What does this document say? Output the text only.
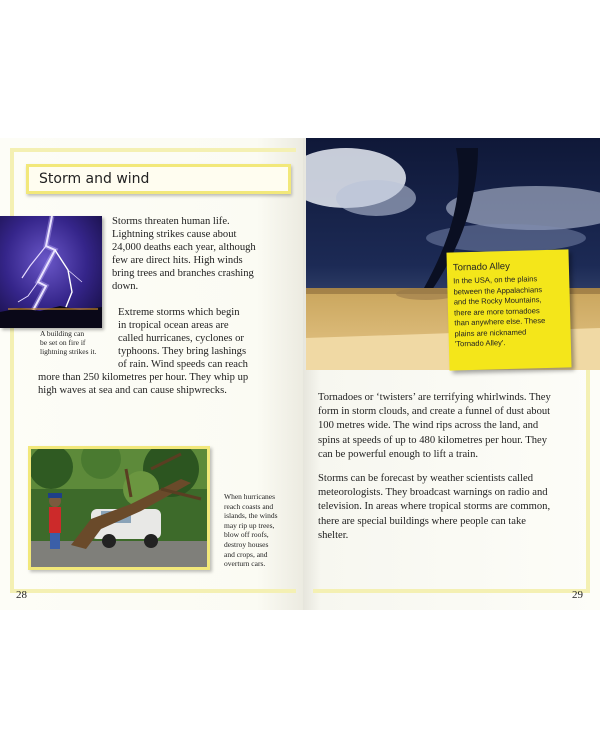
Storm and wind
A building can
be set on fire if
lightning strikes it.
Storms threaten human life.
Lightning strikes cause about
24,000 deaths each year, although
few are direct hits. High winds
bring trees and branches crashing
down.
Extreme storms which begin
in tropical ocean areas are
called hurricanes, cyclones or
typhoons. They bring lashings
of rain. Wind speeds can reach
more than 250 kilometres per hour. They whip up
high waves at sea and can cause shipwrecks.
When hurricanes
reach coasts and
islands, the winds
may rip up trees,
blow off roofs,
destroy houses
and crops, and
overturn cars.
28
Tornado Alley
In the USA, on the plains
between the Appalachians
and the Rocky Mountains,
there are more tornadoes
than anywhere else. These
plains are nicknamed
'Tornado Alley'.
Tornadoes or ‘twisters’ are terrifying whirlwinds. They
form in storm clouds, and create a funnel of dust about
100 metres wide. The wind rips across the land, and
spins at speeds of up to 480 kilometres per hour. They
can be powerful enough to lift a train.
Storms can be forecast by weather scientists called
meteorologists. They broadcast warnings on radio and
television. In areas where tropical storms are common,
there are special buildings where people can take
shelter.
29
